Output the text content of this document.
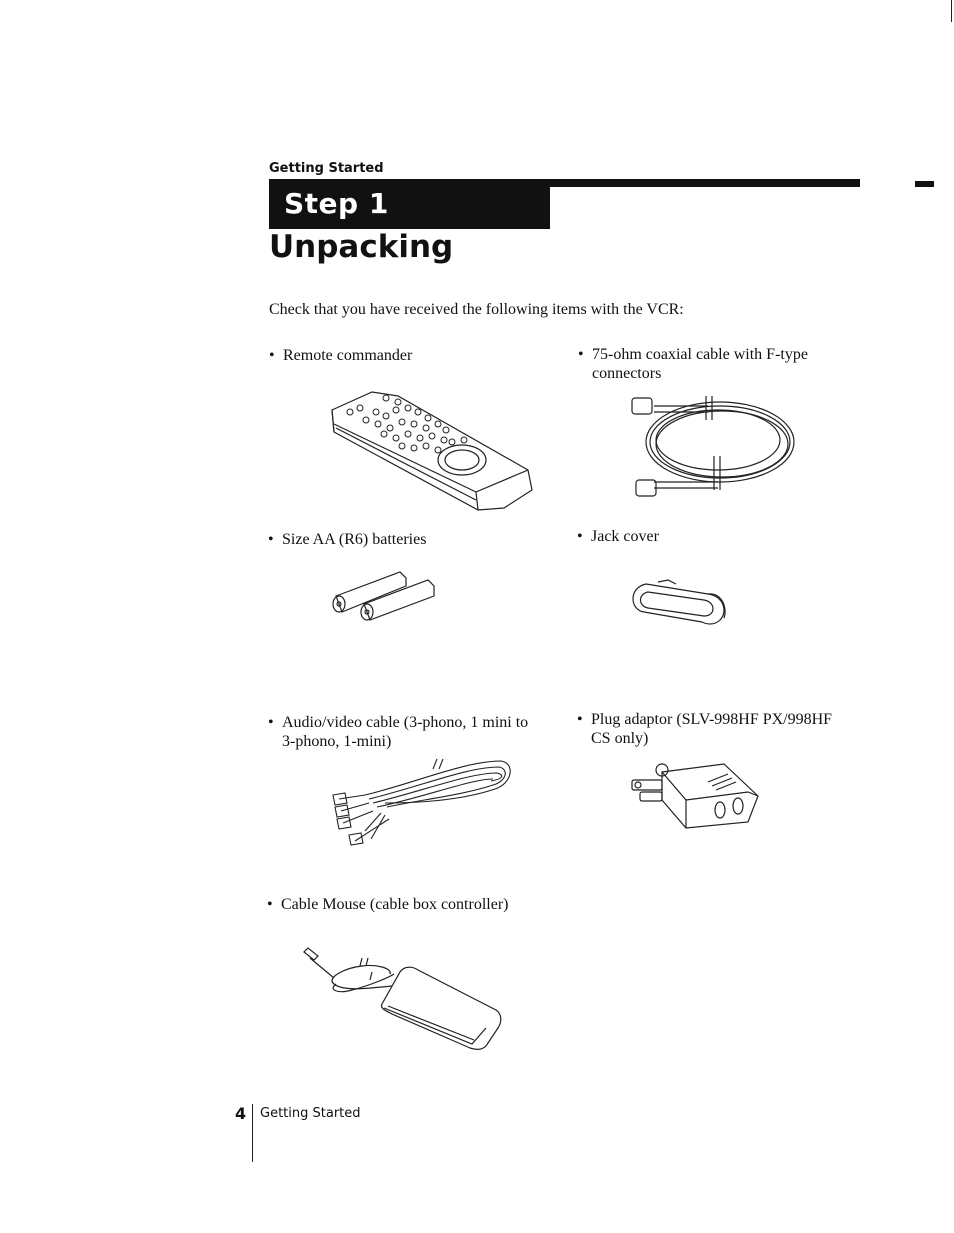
Getting Started
Step 1
Unpacking
Check that you have received the following items with the VCR:
• Remote commander	• 75-ohm coaxial cable with F-type
connectors
• Size AA (R6) batteries	• Jack cover
• Audio/video cable (3-phono, 1 mini to
3-phono, 1-mini)
• Plug adaptor (SLV-998HF PX/998HF
CS only)
• Cable Mouse (cable box controller)
4 Getting Started
